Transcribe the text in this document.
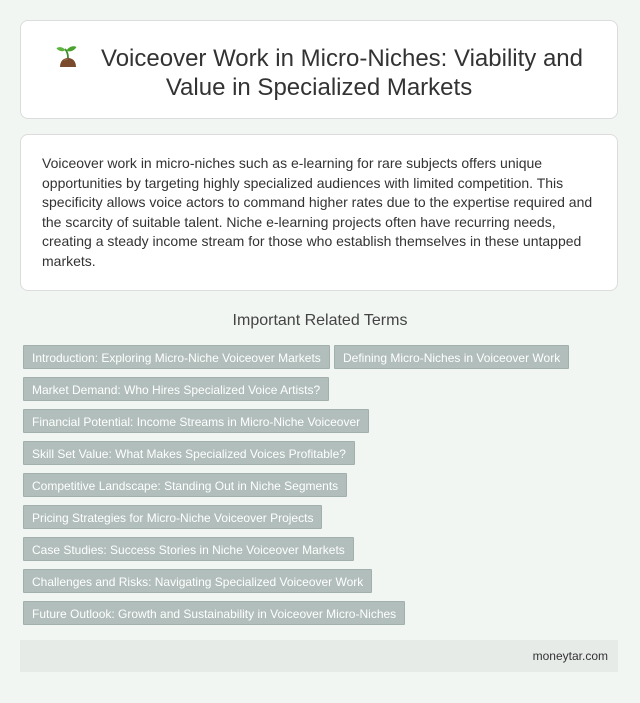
Voiceover Work in Micro-Niches: Viability and Value in Specialized Markets

Voiceover work in micro-niches such as e-learning for rare subjects offers unique opportunities by targeting highly specialized audiences with limited competition. This specificity allows voice actors to command higher rates due to the expertise required and the scarcity of suitable talent. Niche e-learning projects often have recurring needs, creating a steady income stream for those who establish themselves in these untapped markets.

Important Related Terms
Introduction: Exploring Micro-Niche Voiceover Markets	Defining Micro-Niches in Voiceover Work
Market Demand: Who Hires Specialized Voice Artists?
Financial Potential: Income Streams in Micro-Niche Voiceover
Skill Set Value: What Makes Specialized Voices Profitable?
Competitive Landscape: Standing Out in Niche Segments
Pricing Strategies for Micro-Niche Voiceover Projects
Case Studies: Success Stories in Niche Voiceover Markets
Challenges and Risks: Navigating Specialized Voiceover Work
Future Outlook: Growth and Sustainability in Voiceover Micro-Niches
moneytar.com
